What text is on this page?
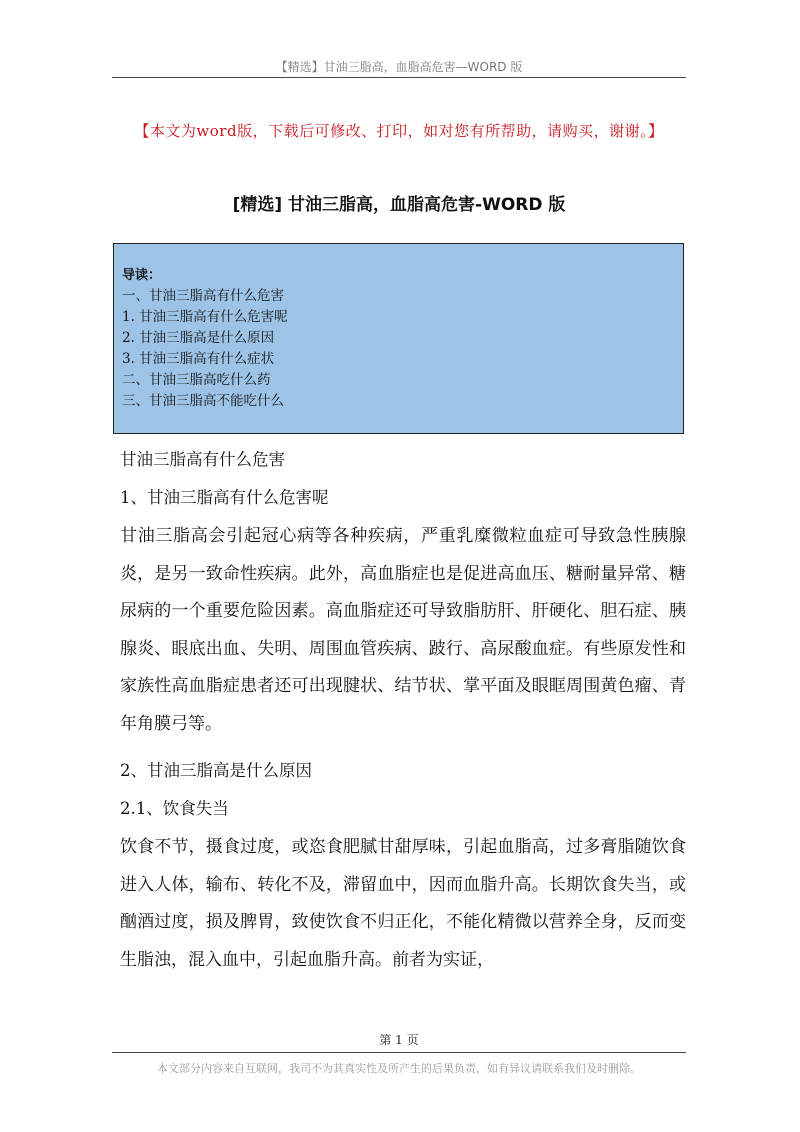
【精选】甘油三脂高，血脂高危害—WORD 版
【本文为word版，下载后可修改、打印，如对您有所帮助，请购买，谢谢。】
[精选] 甘油三脂高，血脂高危害-WORD 版
导读：
一、甘油三脂高有什么危害
1. 甘油三脂高有什么危害呢
2. 甘油三脂高是什么原因
3. 甘油三脂高有什么症状
二、甘油三脂高吃什么药
三、甘油三脂高不能吃什么
甘油三脂高有什么危害
1、甘油三脂高有什么危害呢

甘油三脂高会引起冠心病等各种疾病，严重乳糜微粒血症可导致急性胰腺炎，是另一致命性疾病。此外，高血脂症也是促进高血压、糖耐量异常、糖尿病的一个重要危险因素。高血脂症还可导致脂肪肝、肝硬化、胆石症、胰腺炎、眼底出血、失明、周围血管疾病、跛行、高尿酸血症。有些原发性和家族性高血脂症患者还可出现腱状、结节状、掌平面及眼眶周围黄色瘤、青年角膜弓等。

2、甘油三脂高是什么原因
2.1、饮食失当

饮食不节，摄食过度，或恣食肥腻甘甜厚味，引起血脂高，过多膏脂随饮食进入人体，输布、转化不及，滞留血中，因而血脂升高。长期饮食失当，或酗酒过度，损及脾胃，致使饮食不归正化，不能化精微以营养全身，反而变生脂浊，混入血中，引起血脂升高。前者为实证，

第 1 页
本文部分内容来自互联网，我司不为其真实性及所产生的后果负责，如有异议请联系我们及时删除。
